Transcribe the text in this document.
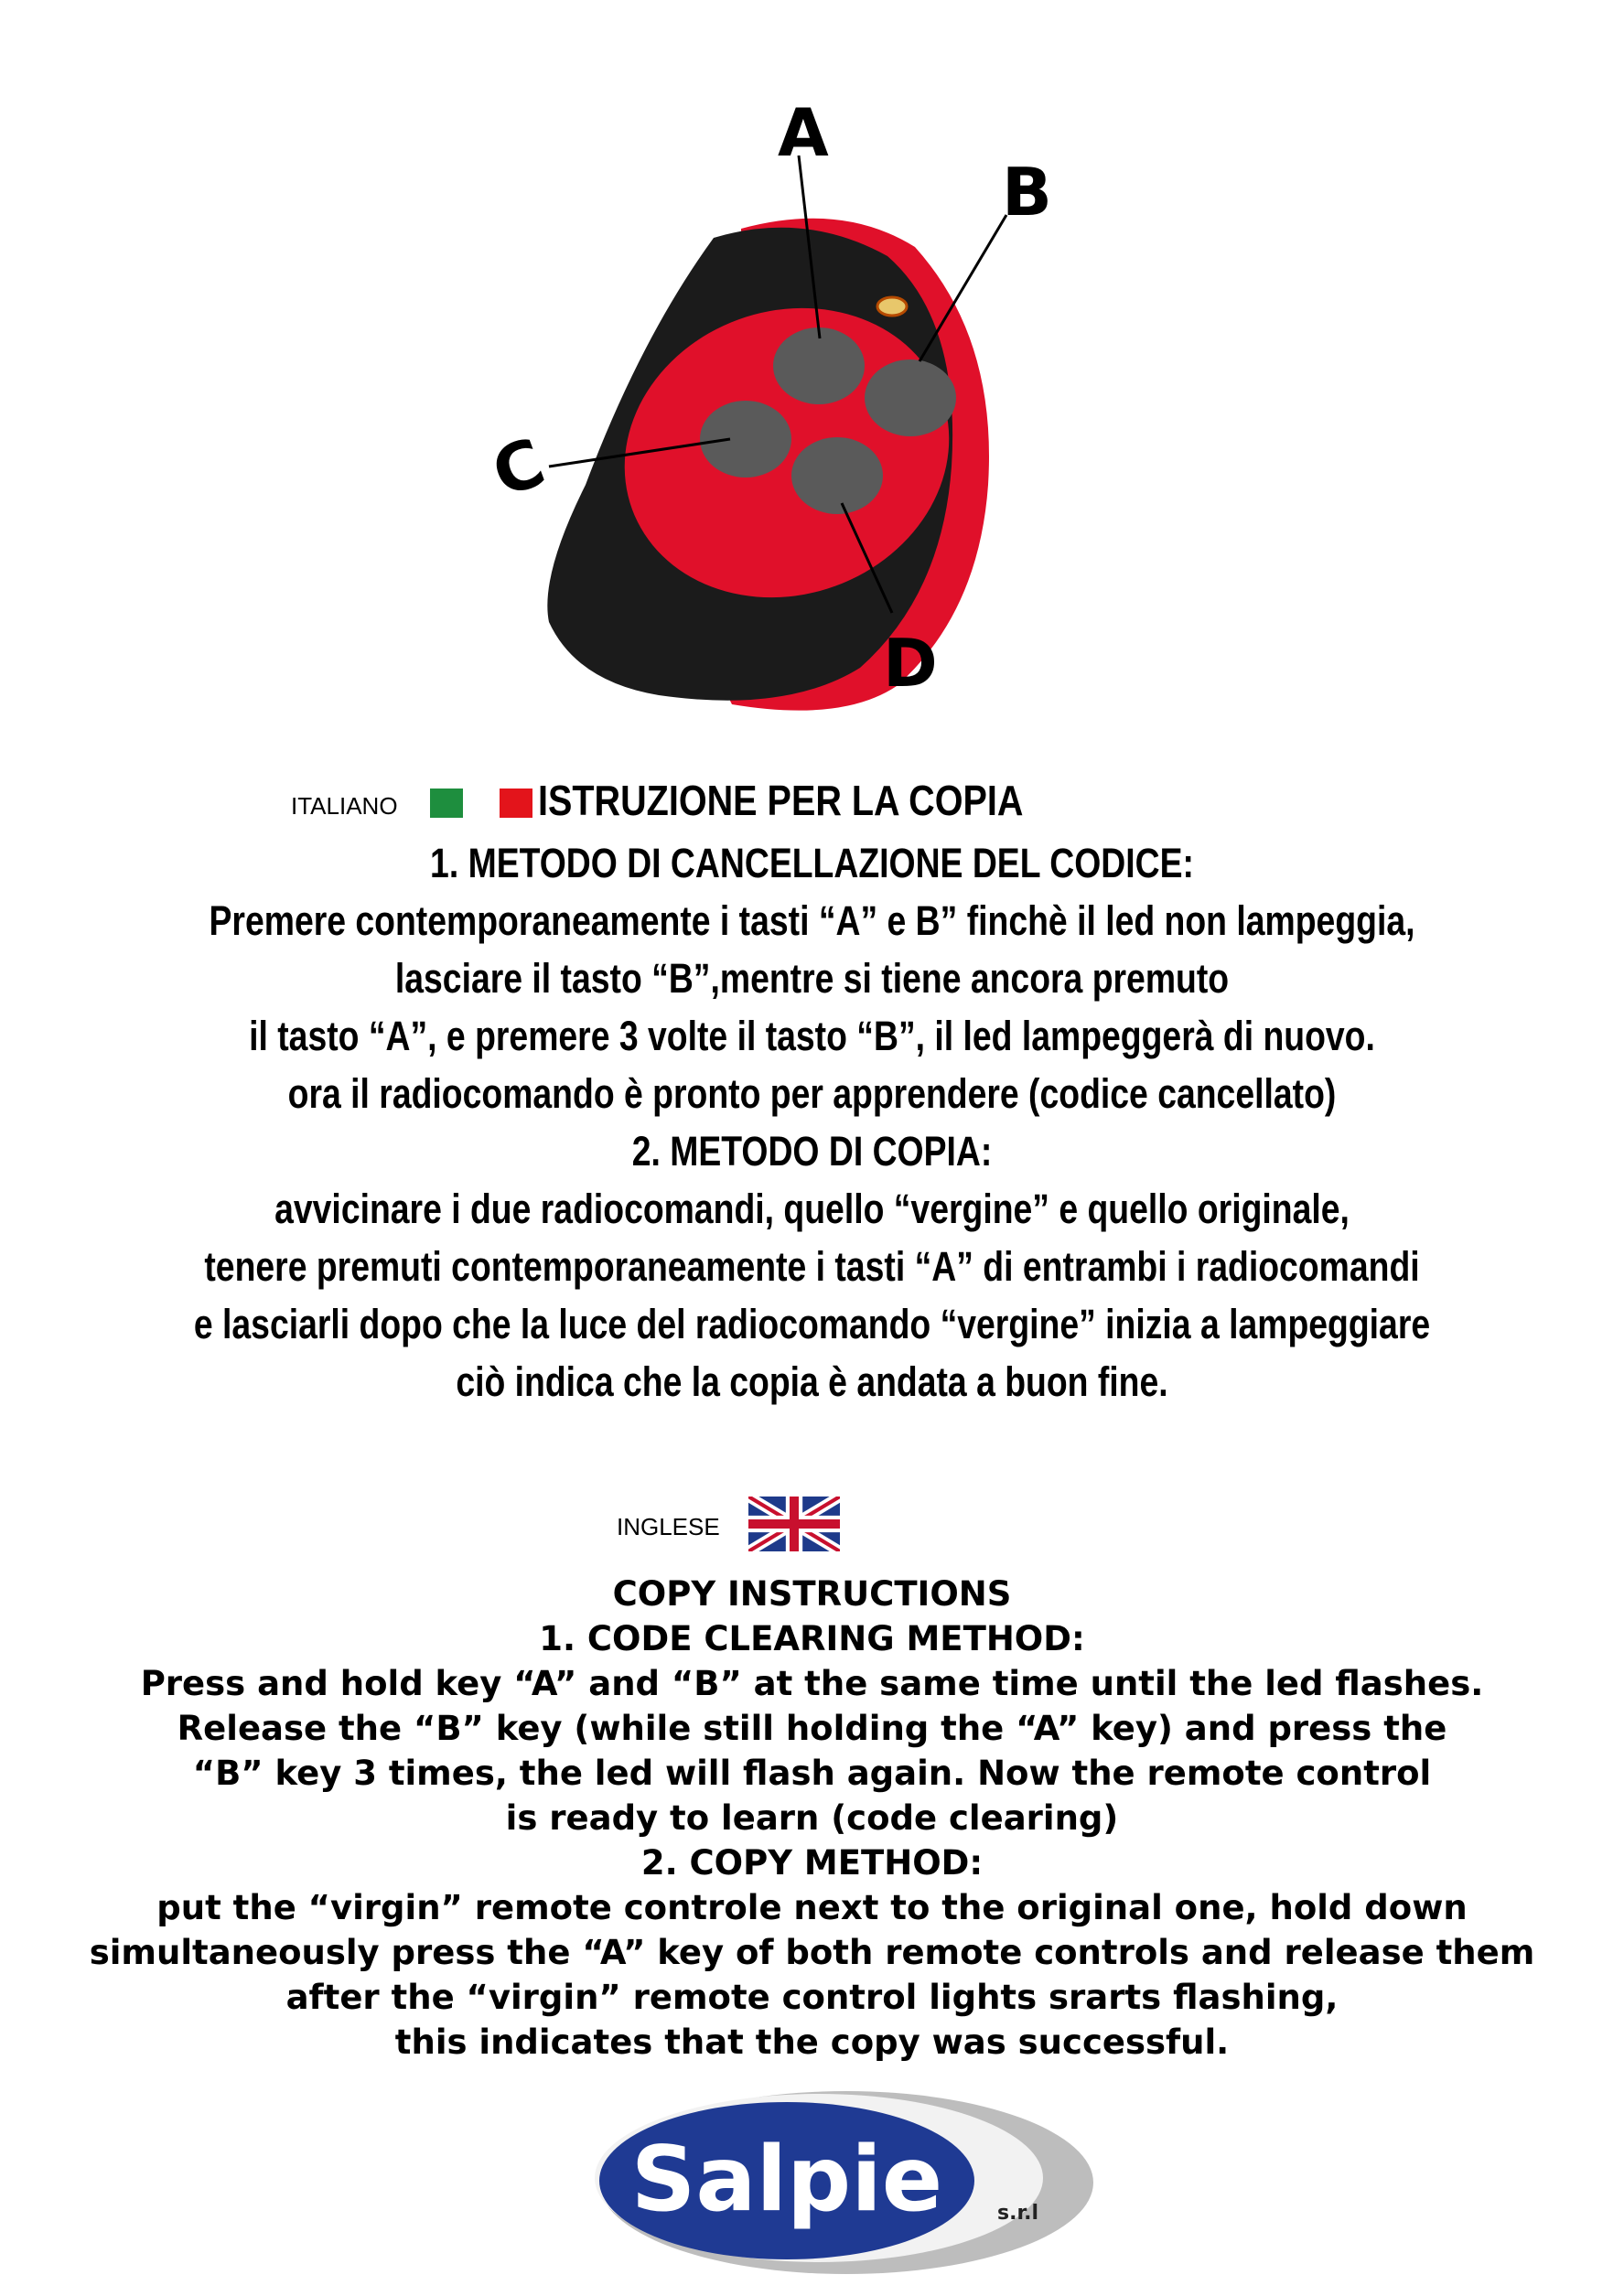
A
B
C
D
ITALIANO	ISTRUZIONE PER LA COPIA
1. METODO DI CANCELLAZIONE DEL CODICE:
Premere contemporaneamente i tasti “A” e B” finchè il led non lampeggia,
lasciare il tasto “B”,mentre si tiene ancora premuto
il tasto “A”, e premere 3 volte il tasto “B”, il led lampeggerà di nuovo.
ora il radiocomando è pronto per apprendere (codice cancellato)
2. METODO DI COPIA:
avvicinare i due radiocomandi, quello “vergine” e quello originale,
tenere premuti contemporaneamente i tasti “A” di entrambi i radiocomandi
e lasciarli dopo che la luce del radiocomando “vergine” inizia a lampeggiare
ciò indica che la copia è andata a buon fine.
INGLESE
COPY INSTRUCTIONS
1. CODE CLEARING METHOD:
Press and hold key “A” and “B” at the same time until the led flashes.
Release the “B” key (while still holding the “A” key) and press the
“B” key 3 times, the led will flash again. Now the remote control
is ready to learn (code clearing)
2. COPY METHOD:
put the “virgin” remote controle next to the original one, hold down
simultaneously press the “A” key of both remote controls and release them
after the “virgin” remote control lights srarts flashing,
this indicates that the copy was successful.
Salpie	s.r.l
